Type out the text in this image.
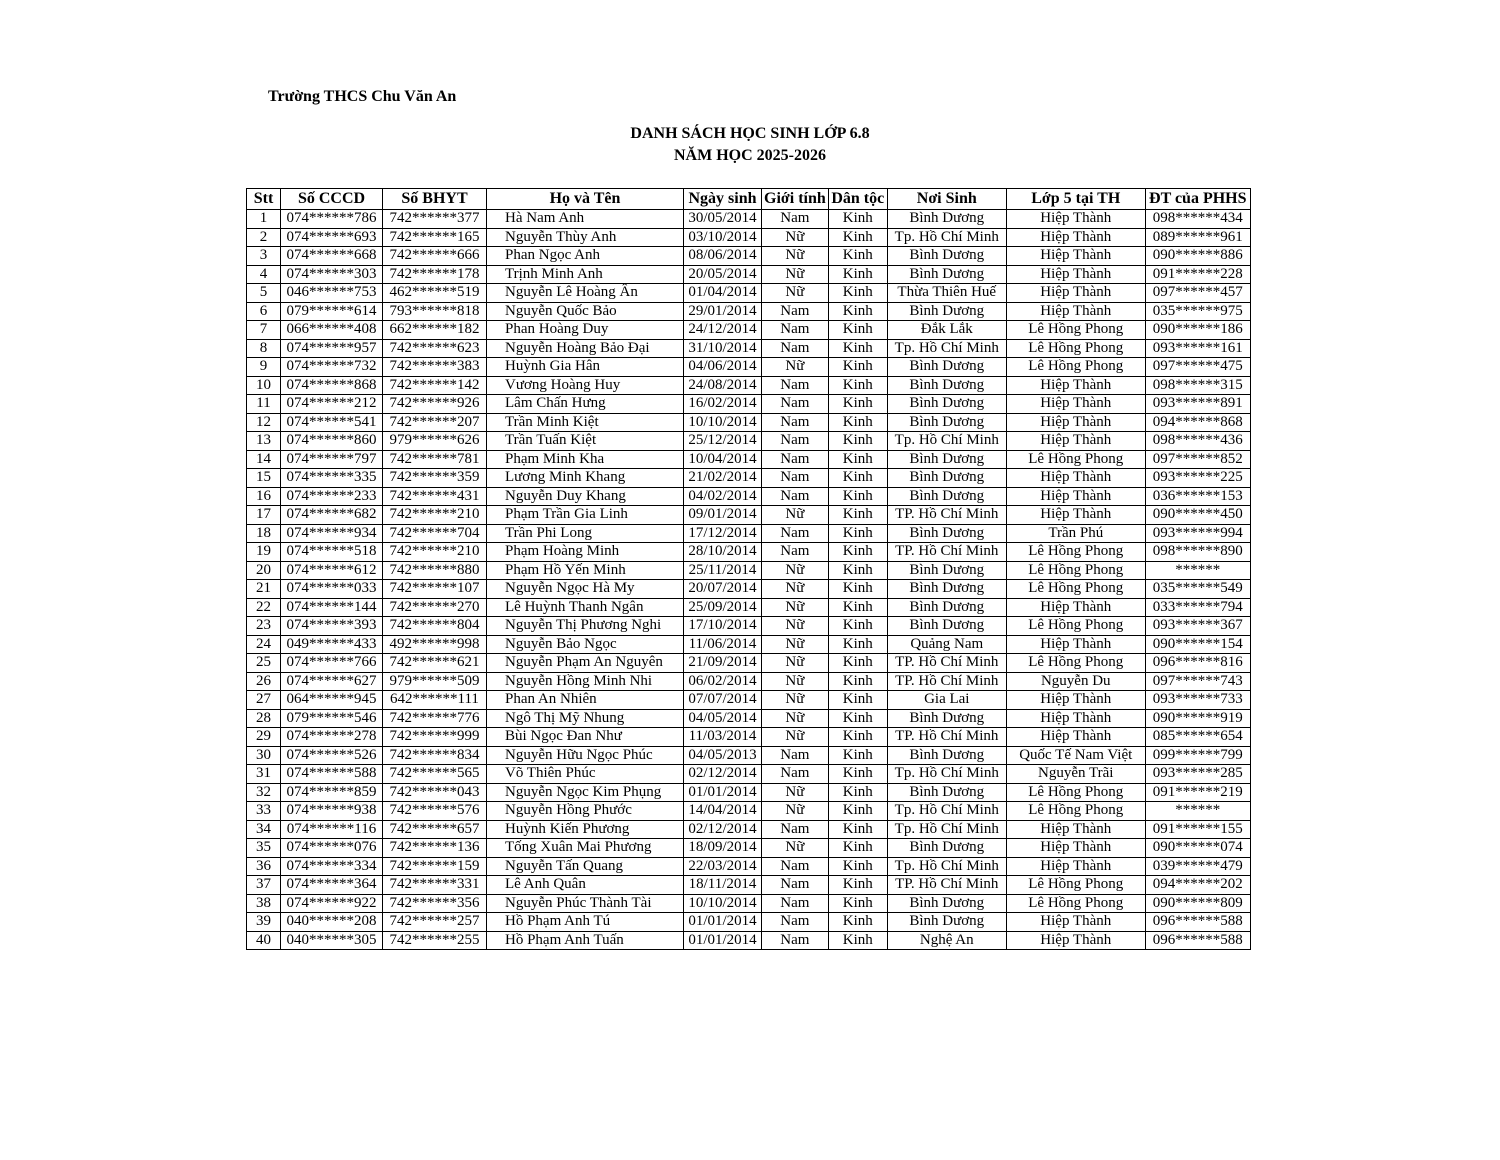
Trường THCS Chu Văn An
DANH SÁCH HỌC SINH LỚP 6.8
NĂM HỌC 2025-2026
Stt	Số CCCD	Số BHYT	Họ và Tên	Ngày sinh	Giới tính	Dân tộc	Nơi Sinh	Lớp 5 tại TH	ĐT của PHHS
1	074******786	742******377	Hà Nam Anh	30/05/2014	Nam	Kinh	Bình Dương	Hiệp Thành	098******434
2	074******693	742******165	Nguyễn Thùy Anh	03/10/2014	Nữ	Kinh	Tp. Hồ Chí Minh	Hiệp Thành	089******961
3	074******668	742******666	Phan Ngọc Anh	08/06/2014	Nữ	Kinh	Bình Dương	Hiệp Thành	090******886
4	074******303	742******178	Trịnh Minh Anh	20/05/2014	Nữ	Kinh	Bình Dương	Hiệp Thành	091******228
5	046******753	462******519	Nguyễn Lê Hoàng Ân	01/04/2014	Nữ	Kinh	Thừa Thiên Huế	Hiệp Thành	097******457
6	079******614	793******818	Nguyễn Quốc Bảo	29/01/2014	Nam	Kinh	Bình Dương	Hiệp Thành	035******975
7	066******408	662******182	Phan Hoàng Duy	24/12/2014	Nam	Kinh	Đắk Lắk	Lê Hồng Phong	090******186
8	074******957	742******623	Nguyễn Hoàng Bảo Đại	31/10/2014	Nam	Kinh	Tp. Hồ Chí Minh	Lê Hồng Phong	093******161
9	074******732	742******383	Huỳnh Gia Hân	04/06/2014	Nữ	Kinh	Bình Dương	Lê Hồng Phong	097******475
10	074******868	742******142	Vương Hoàng Huy	24/08/2014	Nam	Kinh	Bình Dương	Hiệp Thành	098******315
11	074******212	742******926	Lâm Chấn Hưng	16/02/2014	Nam	Kinh	Bình Dương	Hiệp Thành	093******891
12	074******541	742******207	Trần Minh Kiệt	10/10/2014	Nam	Kinh	Bình Dương	Hiệp Thành	094******868
13	074******860	979******626	Trần Tuấn Kiệt	25/12/2014	Nam	Kinh	Tp. Hồ Chí Minh	Hiệp Thành	098******436
14	074******797	742******781	Phạm Minh Kha	10/04/2014	Nam	Kinh	Bình Dương	Lê Hồng Phong	097******852
15	074******335	742******359	Lương Minh Khang	21/02/2014	Nam	Kinh	Bình Dương	Hiệp Thành	093******225
16	074******233	742******431	Nguyễn Duy Khang	04/02/2014	Nam	Kinh	Bình Dương	Hiệp Thành	036******153
17	074******682	742******210	Phạm Trần Gia Linh	09/01/2014	Nữ	Kinh	TP. Hồ Chí Minh	Hiệp Thành	090******450
18	074******934	742******704	Trần Phi Long	17/12/2014	Nam	Kinh	Bình Dương	Trần Phú	093******994
19	074******518	742******210	Phạm Hoàng Minh	28/10/2014	Nam	Kinh	TP. Hồ Chí Minh	Lê Hồng Phong	098******890
20	074******612	742******880	Phạm Hồ Yến Minh	25/11/2014	Nữ	Kinh	Bình Dương	Lê Hồng Phong	******
21	074******033	742******107	Nguyễn Ngọc Hà My	20/07/2014	Nữ	Kinh	Bình Dương	Lê Hồng Phong	035******549
22	074******144	742******270	Lê Huỳnh Thanh Ngân	25/09/2014	Nữ	Kinh	Bình Dương	Hiệp Thành	033******794
23	074******393	742******804	Nguyễn Thị Phương Nghi	17/10/2014	Nữ	Kinh	Bình Dương	Lê Hồng Phong	093******367
24	049******433	492******998	Nguyễn Bảo Ngọc	11/06/2014	Nữ	Kinh	Quảng Nam	Hiệp Thành	090******154
25	074******766	742******621	Nguyễn Phạm An Nguyên	21/09/2014	Nữ	Kinh	TP. Hồ Chí Minh	Lê Hồng Phong	096******816
26	074******627	979******509	Nguyễn Hồng Minh Nhi	06/02/2014	Nữ	Kinh	TP. Hồ Chí Minh	Nguyễn Du	097******743
27	064******945	642******111	Phan An Nhiên	07/07/2014	Nữ	Kinh	Gia Lai	Hiệp Thành	093******733
28	079******546	742******776	Ngô Thị Mỹ Nhung	04/05/2014	Nữ	Kinh	Bình Dương	Hiệp Thành	090******919
29	074******278	742******999	Bùi Ngọc Đan Như	11/03/2014	Nữ	Kinh	TP. Hồ Chí Minh	Hiệp Thành	085******654
30	074******526	742******834	Nguyễn Hữu Ngọc Phúc	04/05/2013	Nam	Kinh	Bình Dương	Quốc Tế Nam Việt	099******799
31	074******588	742******565	Võ Thiên Phúc	02/12/2014	Nam	Kinh	Tp. Hồ Chí Minh	Nguyễn Trãi	093******285
32	074******859	742******043	Nguyễn Ngọc Kim Phụng	01/01/2014	Nữ	Kinh	Bình Dương	Lê Hồng Phong	091******219
33	074******938	742******576	Nguyễn Hồng Phước	14/04/2014	Nữ	Kinh	Tp. Hồ Chí Minh	Lê Hồng Phong	******
34	074******116	742******657	Huỳnh Kiến Phương	02/12/2014	Nam	Kinh	Tp. Hồ Chí Minh	Hiệp Thành	091******155
35	074******076	742******136	Tống Xuân Mai Phương	18/09/2014	Nữ	Kinh	Bình Dương	Hiệp Thành	090******074
36	074******334	742******159	Nguyễn Tấn Quang	22/03/2014	Nam	Kinh	Tp. Hồ Chí Minh	Hiệp Thành	039******479
37	074******364	742******331	Lê Anh Quân	18/11/2014	Nam	Kinh	TP. Hồ Chí Minh	Lê Hồng Phong	094******202
38	074******922	742******356	Nguyễn Phúc Thành Tài	10/10/2014	Nam	Kinh	Bình Dương	Lê Hồng Phong	090******809
39	040******208	742******257	Hồ Phạm Anh Tú	01/01/2014	Nam	Kinh	Bình Dương	Hiệp Thành	096******588
40	040******305	742******255	Hồ Phạm Anh Tuấn	01/01/2014	Nam	Kinh	Nghệ An	Hiệp Thành	096******588
